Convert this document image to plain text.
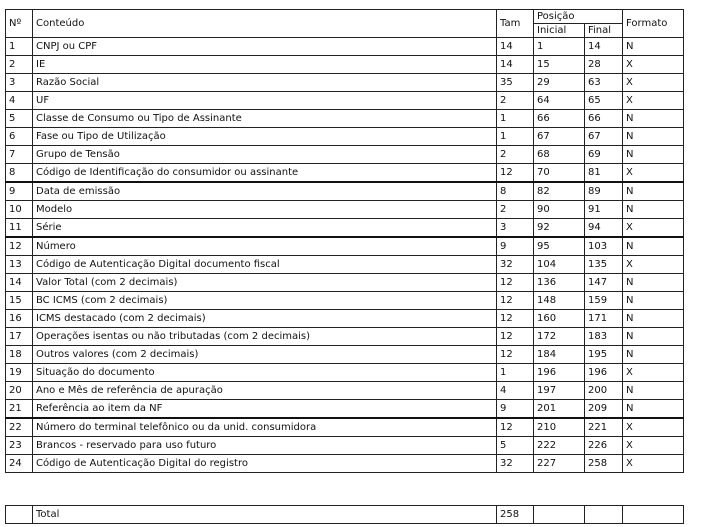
Nº	Conteúdo	Tam	Posição		Formato
			Inicial	Final	
1	CNPJ ou CPF	14	1	14	N
2	IE	14	15	28	X
3	Razão Social	35	29	63	X
4	UF	2	64	65	X
5	Classe de Consumo ou Tipo de Assinante	1	66	66	N
6	Fase ou Tipo de Utilização	1	67	67	N
7	Grupo de Tensão	2	68	69	N
8	Código de Identificação do consumidor ou assinante	12	70	81	X
9	Data de emissão	8	82	89	N
10	Modelo	2	90	91	N
11	Série	3	92	94	X
12	Número	9	95	103	N
13	Código de Autenticação Digital documento fiscal	32	104	135	X
14	Valor Total (com 2 decimais)	12	136	147	N
15	BC ICMS (com 2 decimais)	12	148	159	N
16	ICMS destacado (com 2 decimais)	12	160	171	N
17	Operações isentas ou não tributadas (com 2 decimais)	12	172	183	N
18	Outros valores (com 2 decimais)	12	184	195	N
19	Situação do documento	1	196	196	X
20	Ano e Mês de referência de apuração	4	197	200	N
21	Referência ao item da NF	9	201	209	N
22	Número do terminal telefônico ou da unid. consumidora	12	210	221	X
23	Brancos - reservado para uso futuro	5	222	226	X
24	Código de Autenticação Digital do registro	32	227	258	X
	Total	258			
